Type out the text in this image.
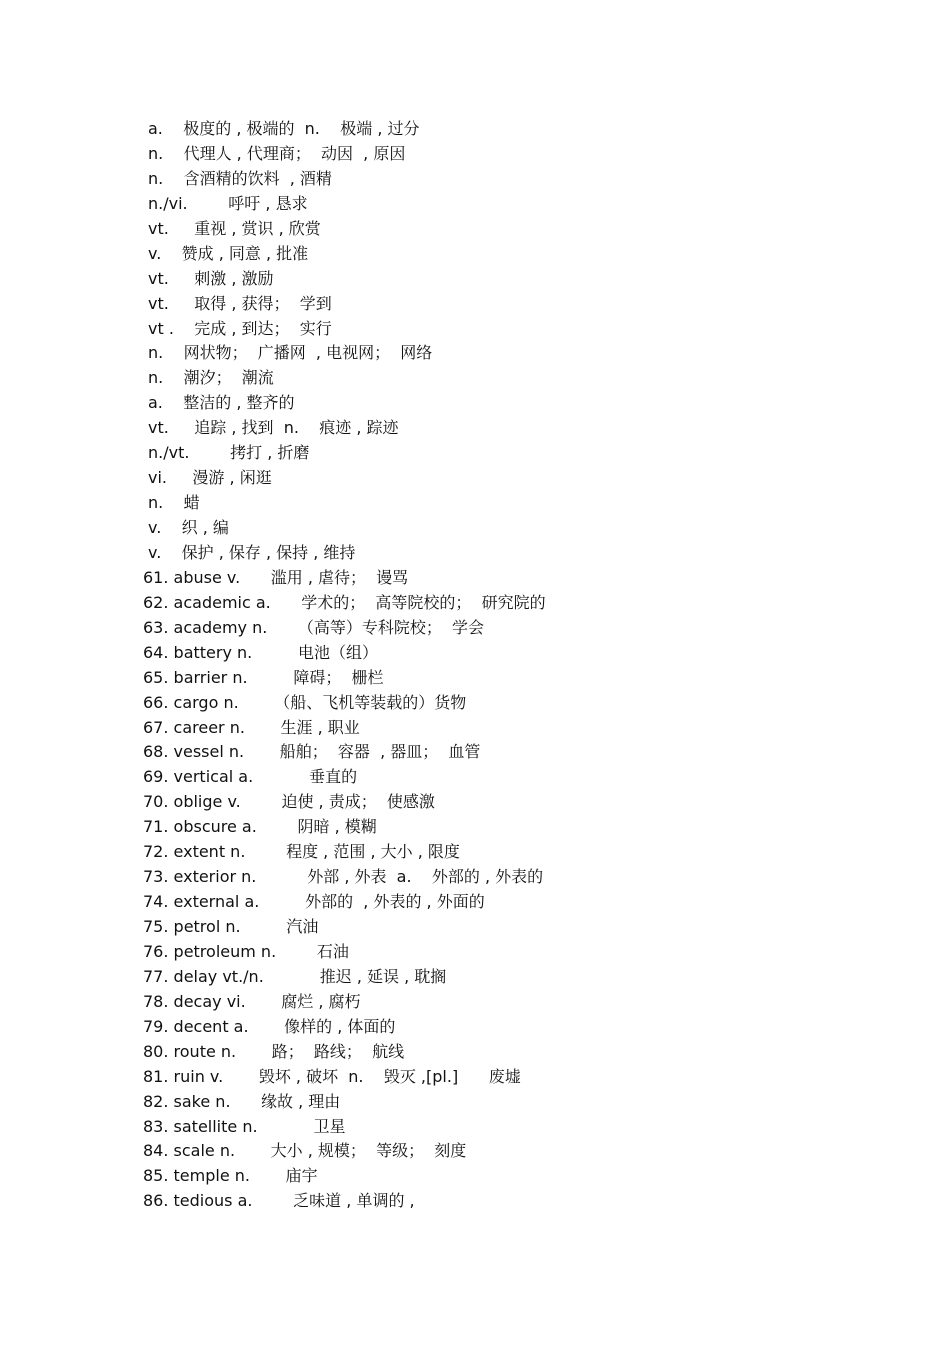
a.    极度的 , 极端的  n.    极端 , 过分
n.    代理人 , 代理商；  动因  , 原因
n.    含酒精的饮料  , 酒精
n./vi.        呼吁 , 恳求
vt.     重视 , 赏识 , 欣赏
v.    赞成 , 同意 , 批准
vt.     刺激 , 激励
vt.     取得 , 获得；  学到
vt .    完成 , 到达；  实行
n.    网状物；  广播网  , 电视网；  网络
n.    潮汐；  潮流
a.    整洁的 , 整齐的
vt.     追踪 , 找到  n.    痕迹 , 踪迹
n./vt.        拷打 , 折磨
vi.     漫游 , 闲逛
n.    蜡
v.    织 , 编
v.    保护 , 保存 , 保持 , 维持
61. abuse v.      滥用 , 虐待；  谩骂
62. academic a.      学术的；  高等院校的；  研究院的
63. academy n.      （高等）专科院校；  学会
64. battery n.         电池（组）
65. barrier n.         障碍；  栅栏
66. cargo n.       （船、飞机等装载的）货物
67. career n.       生涯 , 职业
68. vessel n.       船舶；  容器  , 器皿；  血管
69. vertical a.           垂直的
70. oblige v.        迫使 , 责成；  使感激
71. obscure a.        阴暗 , 模糊
72. extent n.        程度 , 范围 , 大小 , 限度
73. exterior n.          外部 , 外表  a.    外部的 , 外表的
74. external a.         外部的  , 外表的 , 外面的
75. petrol n.         汽油
76. petroleum n.        石油
77. delay vt./n.           推迟 , 延误 , 耽搁
78. decay vi.       腐烂 , 腐朽
79. decent a.       像样的 , 体面的
80. route n.       路；  路线；  航线
81. ruin v.       毁坏 , 破坏  n.    毁灭 ,[pl.]      废墟
82. sake n.      缘故 , 理由
83. satellite n.           卫星
84. scale n.       大小 , 规模；  等级；  刻度
85. temple n.       庙宇
86. tedious a.        乏味道 , 单调的 ,
